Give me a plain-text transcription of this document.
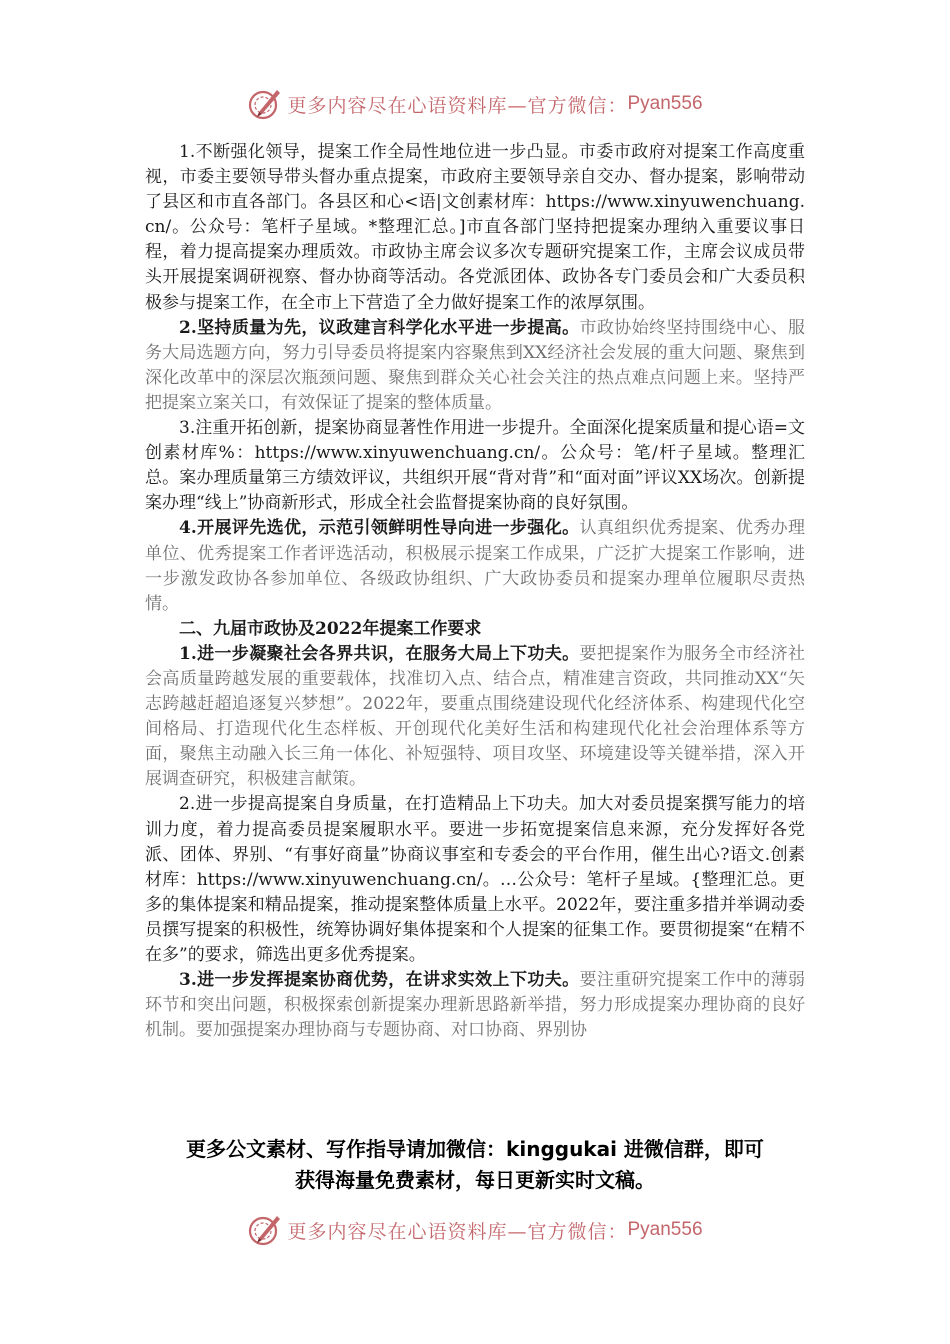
更多内容尽在心语资料库—官方微信： Pyan556

1.不断强化领导，提案工作全局性地位进一步凸显。市委市政府对提案工作高度重视，市委主要领导带头督办重点提案，市政府主要领导亲自交办、督办提案，影响带动了县区和市直各部门。各县区和心<语|文创素材库：https://www.xinyuwenchuang.cn/。公众号：笔杆子星域。*整理汇总。]市直各部门坚持把提案办理纳入重要议事日程，着力提高提案办理质效。市政协主席会议多次专题研究提案工作，主席会议成员带头开展提案调研视察、督办协商等活动。各党派团体、政协各专门委员会和广大委员积极参与提案工作，在全市上下营造了全力做好提案工作的浓厚氛围。

2.坚持质量为先，议政建言科学化水平进一步提高。市政协始终坚持围绕中心、服务大局选题方向，努力引导委员将提案内容聚焦到XX经济社会发展的重大问题、聚焦到深化改革中的深层次瓶颈问题、聚焦到群众关心社会关注的热点难点问题上来。坚持严把提案立案关口，有效保证了提案的整体质量。

3.注重开拓创新，提案协商显著性作用进一步提升。全面深化提案质量和提心语=文创素材库%：https://www.xinyuwenchuang.cn/。公众号：笔/杆子星域。整理汇总。案办理质量第三方绩效评议，共组织开展“背对背”和“面对面”评议XX场次。创新提案办理“线上”协商新形式，形成全社会监督提案协商的良好氛围。

4.开展评先选优，示范引领鲜明性导向进一步强化。认真组织优秀提案、优秀办理单位、优秀提案工作者评选活动，积极展示提案工作成果，广泛扩大提案工作影响，进一步激发政协各参加单位、各级政协组织、广大政协委员和提案办理单位履职尽责热情。

二、九届市政协及2022年提案工作要求

1.进一步凝聚社会各界共识，在服务大局上下功夫。要把提案作为服务全市经济社会高质量跨越发展的重要载体，找准切入点、结合点，精准建言资政，共同推动XX“矢志跨越赶超追逐复兴梦想”。2022年，要重点围绕建设现代化经济体系、构建现代化空间格局、打造现代化生态样板、开创现代化美好生活和构建现代化社会治理体系等方面，聚焦主动融入长三角一体化、补短强特、项目攻坚、环境建设等关键举措，深入开展调查研究，积极建言献策。

2.进一步提高提案自身质量，在打造精品上下功夫。加大对委员提案撰写能力的培训力度，着力提高委员提案履职水平。要进一步拓宽提案信息来源，充分发挥好各党派、团体、界别、“有事好商量”协商议事室和专委会的平台作用，催生出心?语文.创素材库：https://www.xinyuwenchuang.cn/。…公众号：笔杆子星域。{整理汇总。更多的集体提案和精品提案，推动提案整体质量上水平。2022年，要注重多措并举调动委员撰写提案的积极性，统筹协调好集体提案和个人提案的征集工作。要贯彻提案“在精不在多”的要求，筛选出更多优秀提案。

3.进一步发挥提案协商优势，在讲求实效上下功夫。要注重研究提案工作中的薄弱环节和突出问题，积极探索创新提案办理新思路新举措，努力形成提案办理协商的良好机制。要加强提案办理协商与专题协商、对口协商、界别协

更多公文素材、写作指导请加微信：kinggukai 进微信群，即可
获得海量免费素材，每日更新实时文稿。
更多内容尽在心语资料库—官方微信： Pyan556
